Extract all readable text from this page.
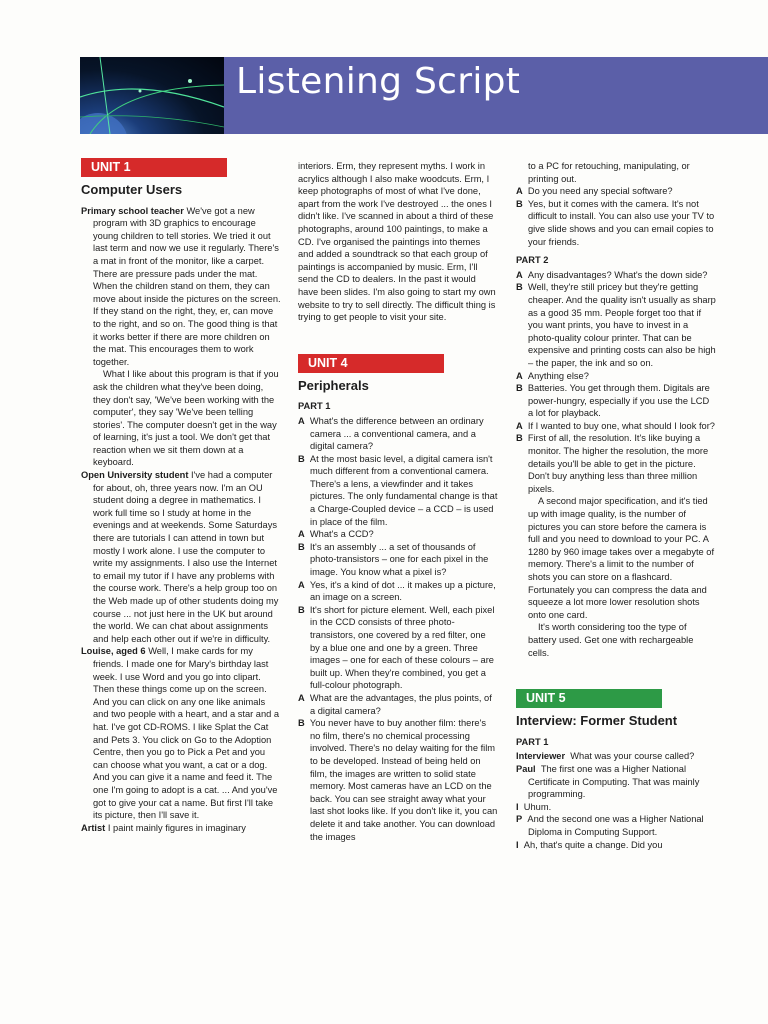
Listening Script
UNIT 1
Computer Users

Primary school teacher We've got a new program with 3D graphics to encourage young children to tell stories. We tried it out last term and now we use it regularly. There's a mat in front of the monitor, like a carpet. There are pressure pads under the mat. When the children stand on them, they can move about inside the pictures on the screen. If they stand on the right, they, er, can move to the right, and so on. The good thing is that it works better if there are more children on the mat. This encourages them to work together.

What I like about this program is that if you ask the children what they've been doing, they don't say, 'We've been working with the computer', they say 'We've been telling stories'. The computer doesn't get in the way of learning, it's just a tool. We don't get that reaction when we sit them down at a keyboard.

Open University student I've had a computer for about, oh, three years now. I'm an OU student doing a degree in mathematics. I work full time so I study at home in the evenings and at weekends. Some Saturdays there are tutorials I can attend in town but mostly I work alone. I use the computer to write my assignments. I also use the Internet to email my tutor if I have any problems with the course work. There's a help group too on the Web made up of other students doing my course ... not just here in the UK but around the world. We can chat about assignments and help each other out if we're in difficulty.

Louise, aged 6 Well, I make cards for my friends. I made one for Mary's birthday last week. I use Word and you go into clipart. Then these things come up on the screen. And you can click on any one like animals and two people with a heart, and a star and a hat. I've got CD-ROMS. I like Splat the Cat and Pets 3. You click on Go to the Adoption Centre, then you go to Pick a Pet and you can choose what you want, a cat or a dog. And you can give it a name and feed it. The one I'm going to adopt is a cat. ... And you've got to give your cat a name. But first I'll take its picture, then I'll save it.

Artist I paint mainly figures in imaginary

interiors. Erm, they represent myths. I work in acrylics although I also make woodcuts. Erm, I keep photographs of most of what I've done, apart from the work I've destroyed ... the ones I didn't like. I've scanned in about a third of these photographs, around 100 paintings, to make a CD. I've organised the paintings into themes and added a soundtrack so that each group of paintings is accompanied by music. Erm, I'll send the CD to dealers. In the past it would have been slides. I'm also going to start my own website to try to sell directly. The difficult thing is trying to get people to visit your site.

UNIT 4
Peripherals
PART 1

A What's the difference between an ordinary camera ... a conventional camera, and a digital camera?

B At the most basic level, a digital camera isn't much different from a conventional camera. There's a lens, a viewfinder and it takes pictures. The only fundamental change is that a Charge-Coupled device – a CCD – is used in place of the film.

A What's a CCD?

B It's an assembly ... a set of thousands of photo-transistors – one for each pixel in the image. You know what a pixel is?

A Yes, it's a kind of dot ... it makes up a picture, an image on a screen.

B It's short for picture element. Well, each pixel in the CCD consists of three photo-transistors, one covered by a red filter, one by a blue one and one by a green. Three images – one for each of these colours – are built up. When they're combined, you get a full-colour photograph.

A What are the advantages, the plus points, of a digital camera?

B You never have to buy another film: there's no film, there's no chemical processing involved. There's no delay waiting for the film to be developed. Instead of being held on film, the images are written to solid state memory. Most cameras have an LCD on the back. You can see straight away what your last shot looks like. If you don't like it, you can delete it and take another. You can download the images

to a PC for retouching, manipulating, or printing out.

A Do you need any special software?

B Yes, but it comes with the camera. It's not difficult to install. You can also use your TV to give slide shows and you can email copies to your friends.

PART 2

A Any disadvantages? What's the down side?

B Well, they're still pricey but they're getting cheaper. And the quality isn't usually as sharp as a good 35 mm. People forget too that if you want prints, you have to invest in a photo-quality colour printer. That can be expensive and printing costs can also be high – the paper, the ink and so on.

A Anything else?

B Batteries. You get through them. Digitals are power-hungry, especially if you use the LCD a lot for playback.

A If I wanted to buy one, what should I look for?

B First of all, the resolution. It's like buying a monitor. The higher the resolution, the more details you'll be able to get in the picture. Don't buy anything less than three million pixels.

A second major specification, and it's tied up with image quality, is the number of pictures you can store before the camera is full and you need to download to your PC. A 1280 by 960 image takes over a megabyte of memory. There's a limit to the number of shots you can store on a flashcard. Fortunately you can compress the data and squeeze a lot more lower resolution shots onto one card.

It's worth considering too the type of battery used. Get one with rechargeable cells.

UNIT 5
Interview: Former Student
PART 1

Interviewer What was your course called?

Paul The first one was a Higher National Certificate in Computing. That was mainly programming.

I Uhum.

P And the second one was a Higher National Diploma in Computing Support.

I Ah, that's quite a change. Did you
